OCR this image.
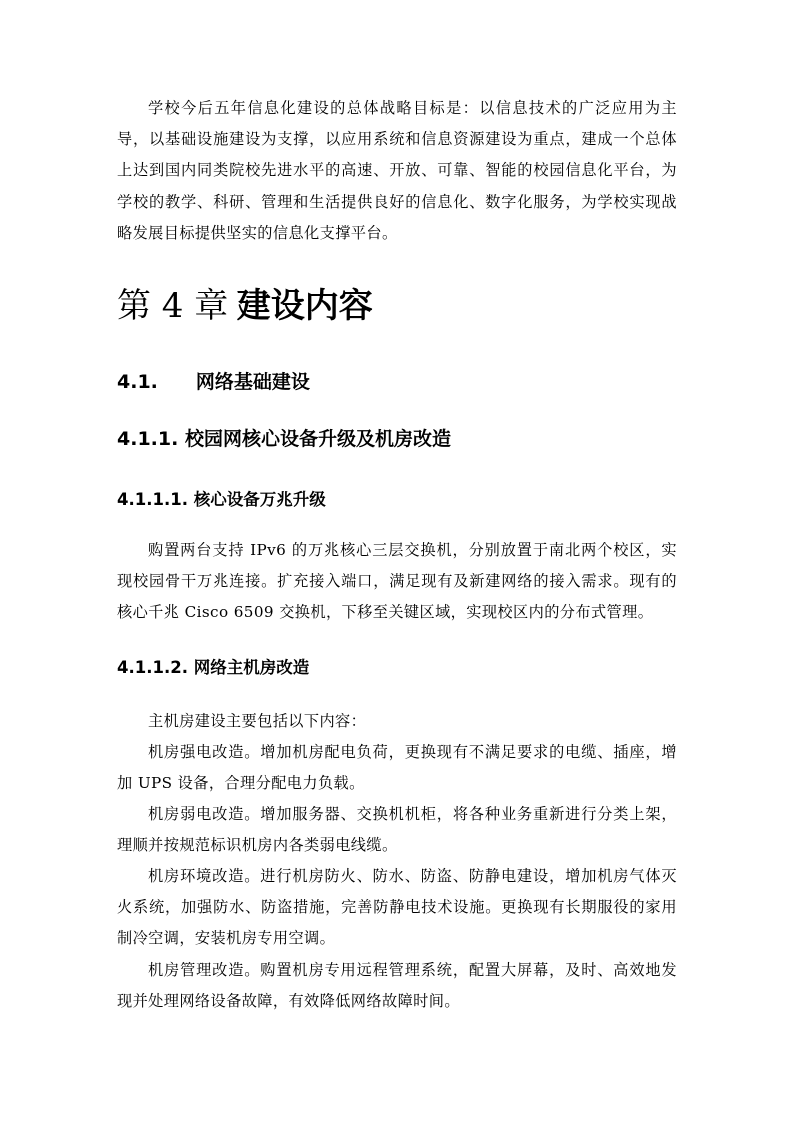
学校今后五年信息化建设的总体战略目标是：以信息技术的广泛应用为主导，以基础设施建设为支撑，以应用系统和信息资源建设为重点，建成一个总体上达到国内同类院校先进水平的高速、开放、可靠、智能的校园信息化平台，为学校的教学、科研、管理和生活提供良好的信息化、数字化服务，为学校实现战略发展目标提供坚实的信息化支撑平台。

第 4 章 建设内容
4.1. 网络基础建设
4.1.1. 校园网核心设备升级及机房改造
4.1.1.1. 核心设备万兆升级

购置两台支持 IPv6 的万兆核心三层交换机，分别放置于南北两个校区，实现校园骨干万兆连接。扩充接入端口，满足现有及新建网络的接入需求。现有的核心千兆 Cisco 6509 交换机，下移至关键区域，实现校区内的分布式管理。

4.1.1.2. 网络主机房改造

主机房建设主要包括以下内容：

机房强电改造。增加机房配电负荷，更换现有不满足要求的电缆、插座，增加 UPS 设备，合理分配电力负载。

机房弱电改造。增加服务器、交换机机柜，将各种业务重新进行分类上架，理顺并按规范标识机房内各类弱电线缆。

机房环境改造。进行机房防火、防水、防盗、防静电建设，增加机房气体灭火系统，加强防水、防盗措施，完善防静电技术设施。更换现有长期服役的家用制冷空调，安装机房专用空调。

机房管理改造。购置机房专用远程管理系统，配置大屏幕，及时、高效地发现并处理网络设备故障，有效降低网络故障时间。
